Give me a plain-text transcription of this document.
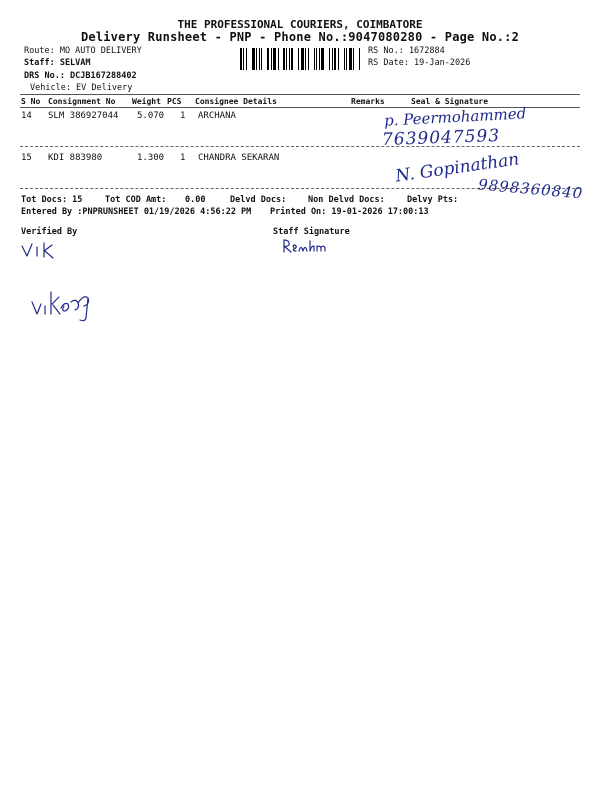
THE PROFESSIONAL COURIERS, COIMBATORE
Delivery Runsheet - PNP - Phone No.:9047080280 - Page No.:2
Route: MO AUTO DELIVERY
Staff: SELVAM
DRS No.: DCJB167288402
Vehicle: EV Delivery
RS No.: 1672884
RS Date: 19-Jan-2026
S No Consignment No Weight PCS Consignee Details	Remarks	Seal & Signature
14 SLM 386927044 5.070 1 ARCHANA
15 KDI 883980	1.300 1 CHANDRA SEKARAN
p. Peermohammed
7639047593
N. Gopinathan
9898360840
Tot Docs: 15	Tot COD Amt: 0.00	Delvd Docs:	Non Delvd Docs:	Delvy Pts:
Entered By :PNPRUNSHEET 01/19/2026 4:56:22 PM Printed On: 19-01-2026 17:00:13
Verified By	Staff Signature
